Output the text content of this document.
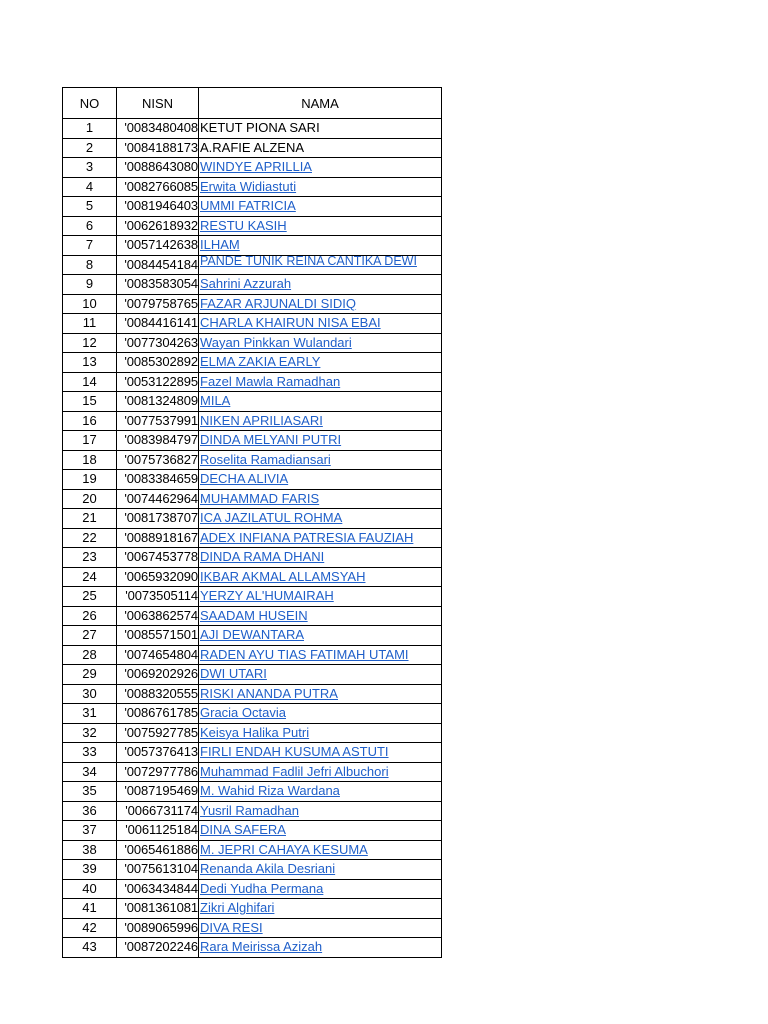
NO	NISN	NAMA
1	'0083480408	KETUT PIONA SARI
2	'0084188173	A.RAFIE ALZENA
3	'0088643080	WINDYE APRILLIA
4	'0082766085	Erwita Widiastuti
5	'0081946403	UMMI FATRICIA
6	'0062618932	RESTU KASIH
7	'0057142638	ILHAM
8	'0084454184	PANDE TUNIK REINA CANTIKA DEWI

9	'0083583054	Sahrini Azzurah
10	'0079758765	FAZAR ARJUNALDI SIDIQ
11	'0084416141	CHARLA KHAIRUN NISA EBAI
12	'0077304263	Wayan Pinkkan Wulandari
13	'0085302892	ELMA ZAKIA EARLY
14	'0053122895	Fazel Mawla Ramadhan
15	'0081324809	MILA
16	'0077537991	NIKEN APRILIASARI
17	'0083984797	DINDA MELYANI PUTRI
18	'0075736827	Roselita Ramadiansari
19	'0083384659	DECHA ALIVIA
20	'0074462964	MUHAMMAD FARIS
21	'0081738707	ICA JAZILATUL ROHMA
22	'0088918167	ADEX INFIANA PATRESIA FAUZIAH
23	'0067453778	DINDA RAMA DHANI
24	'0065932090	IKBAR AKMAL ALLAMSYAH
25	'0073505114	YERZY AL'HUMAIRAH
26	'0063862574	SAADAM HUSEIN
27	'0085571501	AJI DEWANTARA
28	'0074654804	RADEN AYU TIAS FATIMAH UTAMI
29	'0069202926	DWI UTARI
30	'0088320555	RISKI ANANDA PUTRA
31	'0086761785	Gracia Octavia
32	'0075927785	Keisya Halika Putri
33	'0057376413	FIRLI ENDAH KUSUMA ASTUTI
34	'0072977786	Muhammad Fadlil Jefri Albuchori
35	'0087195469	M. Wahid Riza Wardana
36	'0066731174	Yusril Ramadhan
37	'0061125184	DINA SAFERA
38	'0065461886	M. JEPRI CAHAYA KESUMA
39	'0075613104	Renanda Akila Desriani
40	'0063434844	Dedi Yudha Permana
41	'0081361081	Zikri Alghifari
42	'0089065996	DIVA RESI
43	'0087202246	Rara Meirissa Azizah
